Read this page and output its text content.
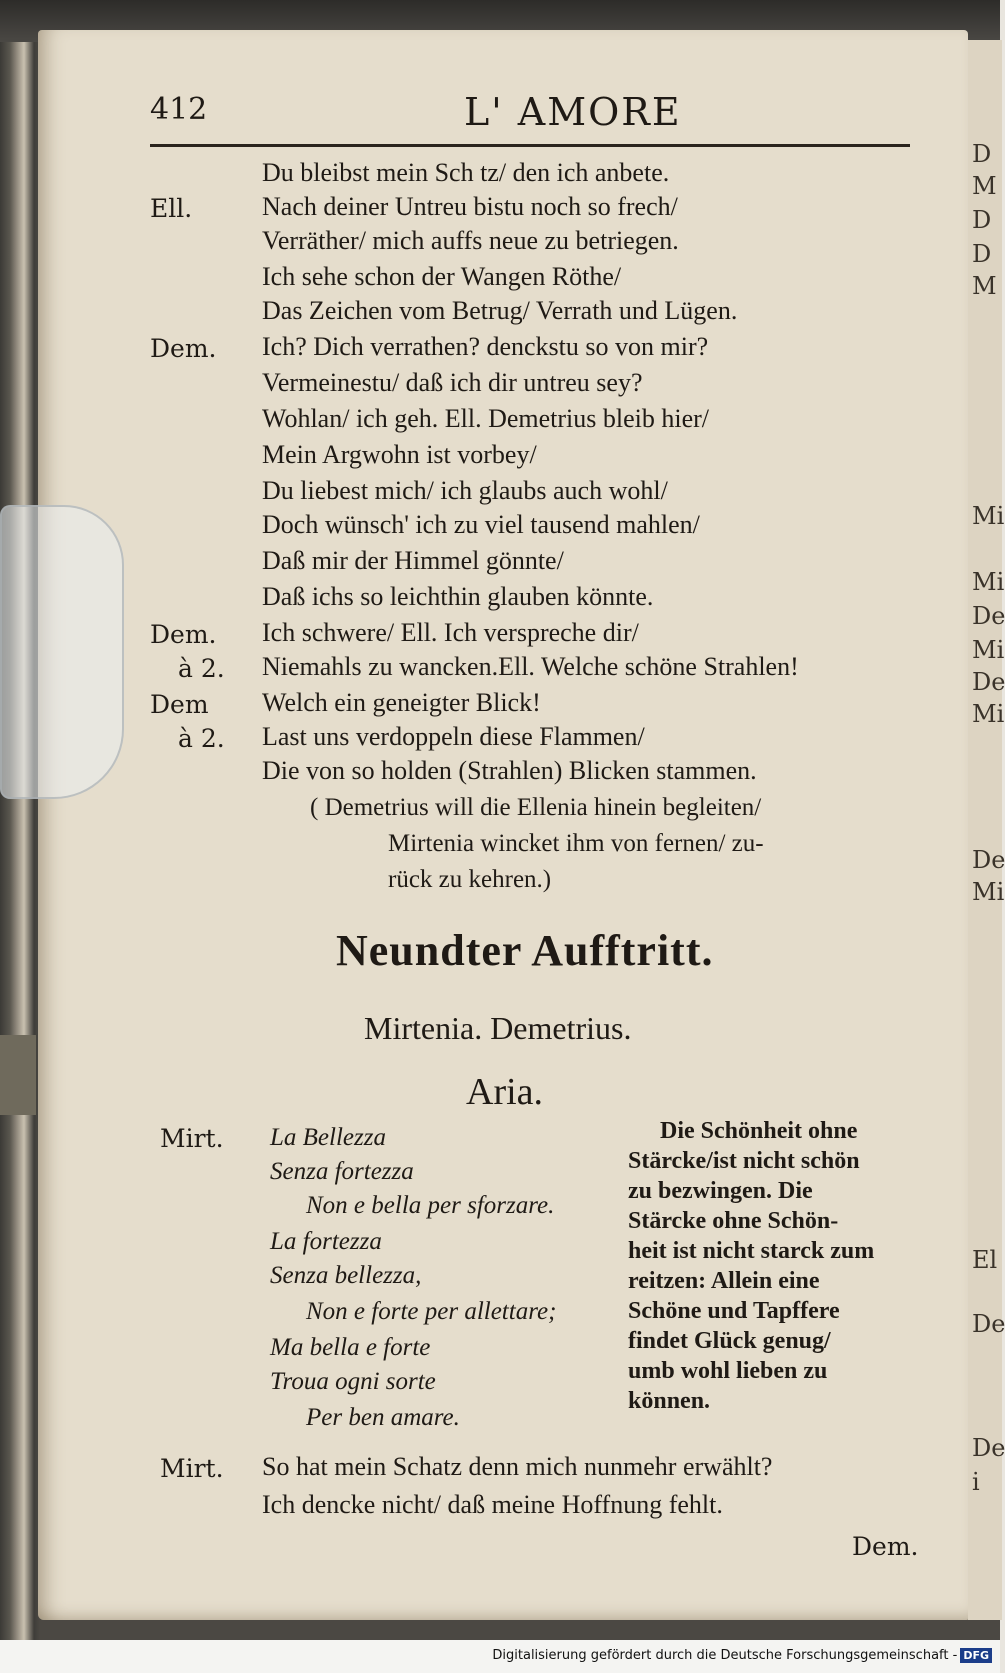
D
M
D
D
M
Mi
Mi
De
Mi
De
Mi
De
Mi
El
De
De
i
412	L' AMORE
Ell.
Dem.
Dem.
à 2.
Dem
à 2.
Du bleibst mein Sch tz/ den ich anbete.
Nach deiner Untreu bistu noch so frech/
Verräther/ mich auffs neue zu betriegen.
Ich sehe schon der Wangen Röthe/
Das Zeichen vom Betrug/ Verrath und Lügen.
Ich? Dich verrathen? denckstu so von mir?
Vermeinestu/ daß ich dir untreu sey?
Wohlan/ ich geh. Ell. Demetrius bleib hier/
Mein Argwohn ist vorbey/
Du liebest mich/ ich glaubs auch wohl/
Doch wünsch' ich zu viel tausend mahlen/
Daß mir der Himmel gönnte/
Daß ichs so leichthin glauben könnte.
Ich schwere/ Ell. Ich verspreche dir/
Niemahls zu wancken.Ell. Welche schöne Strahlen!
Welch ein geneigter Blick!
Last uns verdoppeln diese Flammen/
Die von so holden (Strahlen) Blicken stammen.
( Demetrius will die Ellenia hinein begleiten/
Mirtenia wincket ihm von fernen/ zu-
rück zu kehren.)
Neundter Aufftritt.
Mirtenia. Demetrius.
Aria.
Mirt. La Bellezza
Senza fortezza
Non e bella per sforzare.
La fortezza
Senza bellezza,
Non e forte per allettare;
Ma bella e forte
Troua ogni sorte
Per ben amare.
Die Schönheit ohne
Stärcke/ist nicht schön
zu bezwingen. Die
Stärcke ohne Schön-
heit ist nicht starck zum
reitzen: Allein eine
Schöne und Tapffere
findet Glück genug/
umb wohl lieben zu
können.
Mirt. So hat mein Schatz denn mich nunmehr erwählt?
Ich dencke nicht/ daß meine Hoffnung fehlt.
Dem.
Digitalisierung gefördert durch die Deutsche Forschungsgemeinschaft - DFG
